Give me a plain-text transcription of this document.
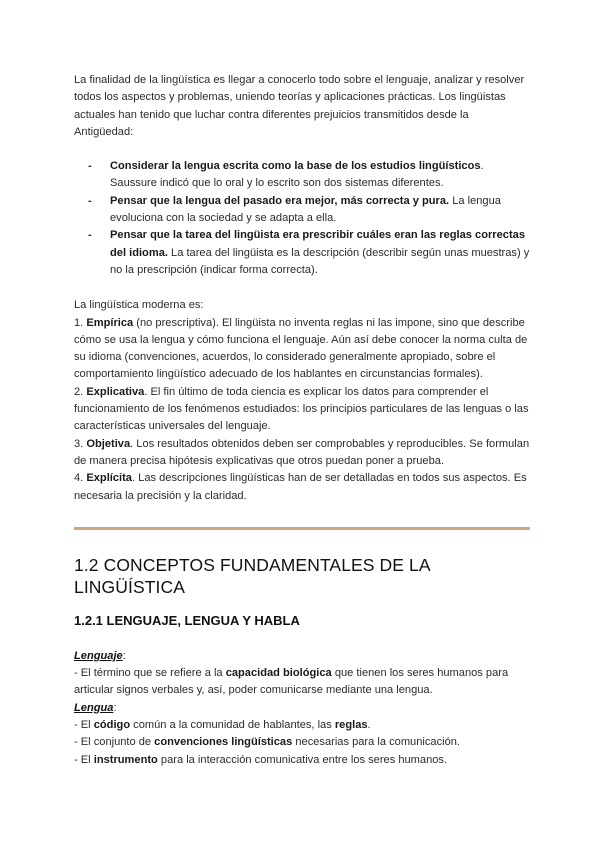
La finalidad de la lingüística es llegar a conocerlo todo sobre el lenguaje, analizar y resolver todos los aspectos y problemas, uniendo teorías y aplicaciones prácticas. Los lingüistas actuales han tenido que luchar contra diferentes prejuicios transmitidos desde la Antigüedad:

- Considerar la lengua escrita como la base de los estudios lingüísticos. Saussure indicó que lo oral y lo escrito son dos sistemas diferentes.
- Pensar que la lengua del pasado era mejor, más correcta y pura. La lengua evoluciona con la sociedad y se adapta a ella.
- Pensar que la tarea del lingüista era prescribir cuáles eran las reglas correctas del idioma. La tarea del lingüista es la descripción (describir según unas muestras) y no la prescripción (indicar forma correcta).

La lingüística moderna es:

1. Empírica (no prescriptiva). El lingüista no inventa reglas ni las impone, sino que describe cómo se usa la lengua y cómo funciona el lenguaje. Aún así debe conocer la norma culta de su idioma (convenciones, acuerdos, lo considerado generalmente apropiado, sobre el comportamiento lingüístico adecuado de los hablantes en circunstancias formales).

2. Explicativa. El fin último de toda ciencia es explicar los datos para comprender el funcionamiento de los fenómenos estudiados: los principios particulares de las lenguas o las características universales del lenguaje.

3. Objetiva. Los resultados obtenidos deben ser comprobables y reproducibles. Se formulan de manera precisa hipótesis explicativas que otros puedan poner a prueba.

4. Explícita. Las descripciones lingüísticas han de ser detalladas en todos sus aspectos. Es necesaria la precisión y la claridad.

1.2 CONCEPTOS FUNDAMENTALES DE LA LINGÜÍSTICA
1.2.1 LENGUAJE, LENGUA Y HABLA

Lenguaje:

- El término que se refiere a la capacidad biológica que tienen los seres humanos para articular signos verbales y, así, poder comunicarse mediante una lengua.

Lengua:

- El código común a la comunidad de hablantes, las reglas.

- El conjunto de convenciones lingüísticas necesarias para la comunicación.

- El instrumento para la interacción comunicativa entre los seres humanos.
